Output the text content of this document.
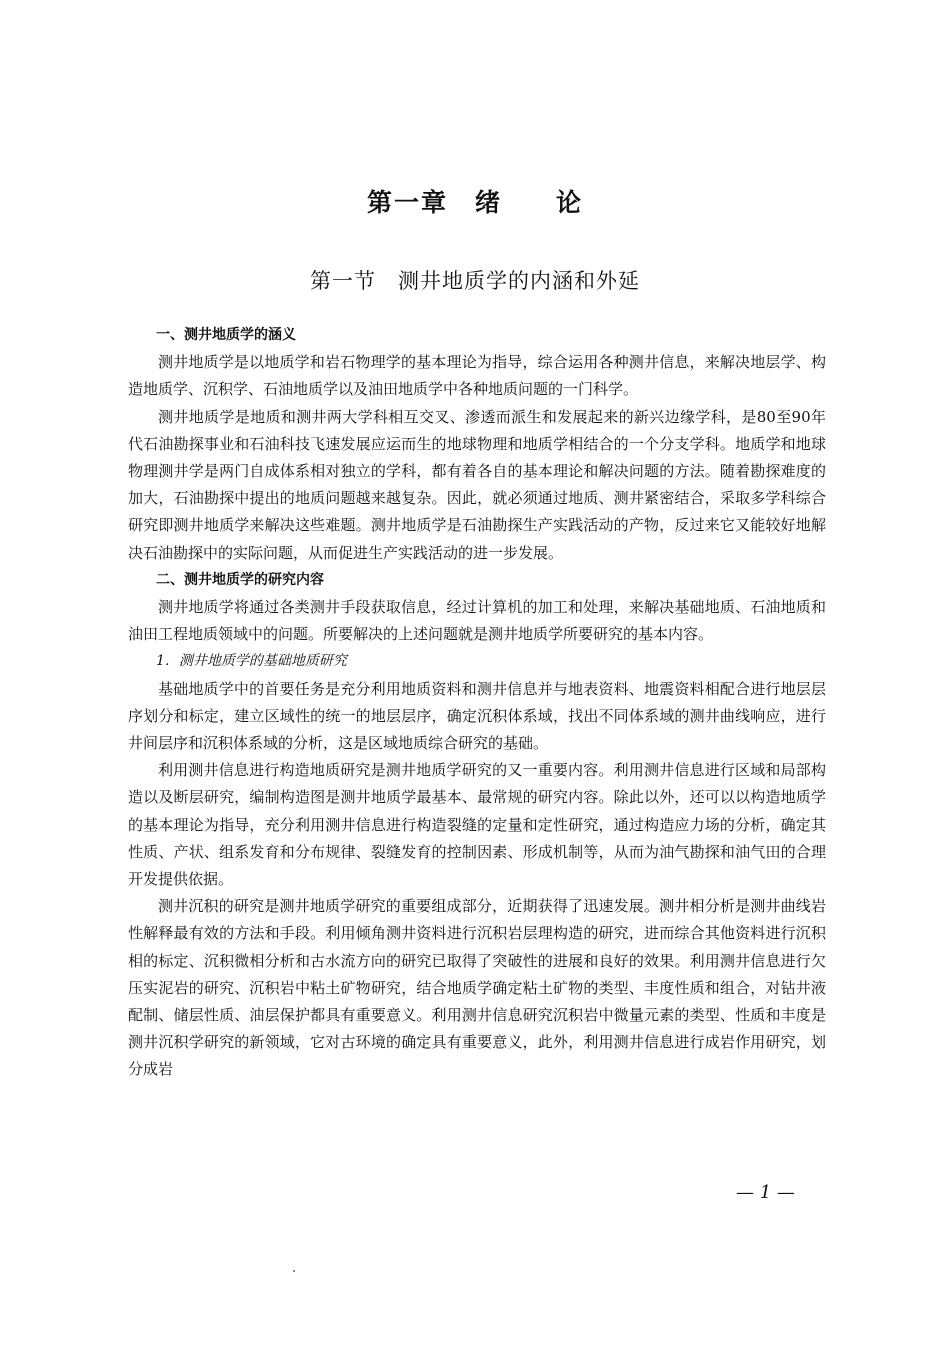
第一章　绪　　论
第一节　测井地质学的内涵和外延

一、测井地质学的涵义

测井地质学是以地质学和岩石物理学的基本理论为指导，综合运用各种测井信息，来解决地层学、构造地质学、沉积学、石油地质学以及油田地质学中各种地质问题的一门科学。

测井地质学是地质和测井两大学科相互交叉、渗透而派生和发展起来的新兴边缘学科，是80至90年代石油勘探事业和石油科技飞速发展应运而生的地球物理和地质学相结合的一个分支学科。地质学和地球物理测井学是两门自成体系相对独立的学科，都有着各自的基本理论和解决问题的方法。随着勘探难度的加大，石油勘探中提出的地质问题越来越复杂。因此，就必须通过地质、测井紧密结合，采取多学科综合研究即测井地质学来解决这些难题。测井地质学是石油勘探生产实践活动的产物，反过来它又能较好地解决石油勘探中的实际问题，从而促进生产实践活动的进一步发展。

二、测井地质学的研究内容

测井地质学将通过各类测井手段获取信息，经过计算机的加工和处理，来解决基础地质、石油地质和油田工程地质领域中的问题。所要解决的上述问题就是测井地质学所要研究的基本内容。

1．测井地质学的基础地质研究

基础地质学中的首要任务是充分利用地质资料和测井信息并与地表资料、地震资料相配合进行地层层序划分和标定，建立区域性的统一的地层层序，确定沉积体系域，找出不同体系域的测井曲线响应，进行井间层序和沉积体系域的分析，这是区域地质综合研究的基础。

利用测井信息进行构造地质研究是测井地质学研究的又一重要内容。利用测井信息进行区域和局部构造以及断层研究，编制构造图是测井地质学最基本、最常规的研究内容。除此以外，还可以以构造地质学的基本理论为指导，充分利用测井信息进行构造裂缝的定量和定性研究，通过构造应力场的分析，确定其性质、产状、组系发育和分布规律、裂缝发育的控制因素、形成机制等，从而为油气勘探和油气田的合理开发提供依据。

测井沉积的研究是测井地质学研究的重要组成部分，近期获得了迅速发展。测井相分析是测井曲线岩性解释最有效的方法和手段。利用倾角测井资料进行沉积岩层理构造的研究，进而综合其他资料进行沉积相的标定、沉积微相分析和古水流方向的研究已取得了突破性的进展和良好的效果。利用测井信息进行欠压实泥岩的研究、沉积岩中粘土矿物研究，结合地质学确定粘土矿物的类型、丰度性质和组合，对钻井液配制、储层性质、油层保护都具有重要意义。利用测井信息研究沉积岩中微量元素的类型、性质和丰度是测井沉积学研究的新领域，它对古环境的确定具有重要意义，此外，利用测井信息进行成岩作用研究，划分成岩

— 1 —
